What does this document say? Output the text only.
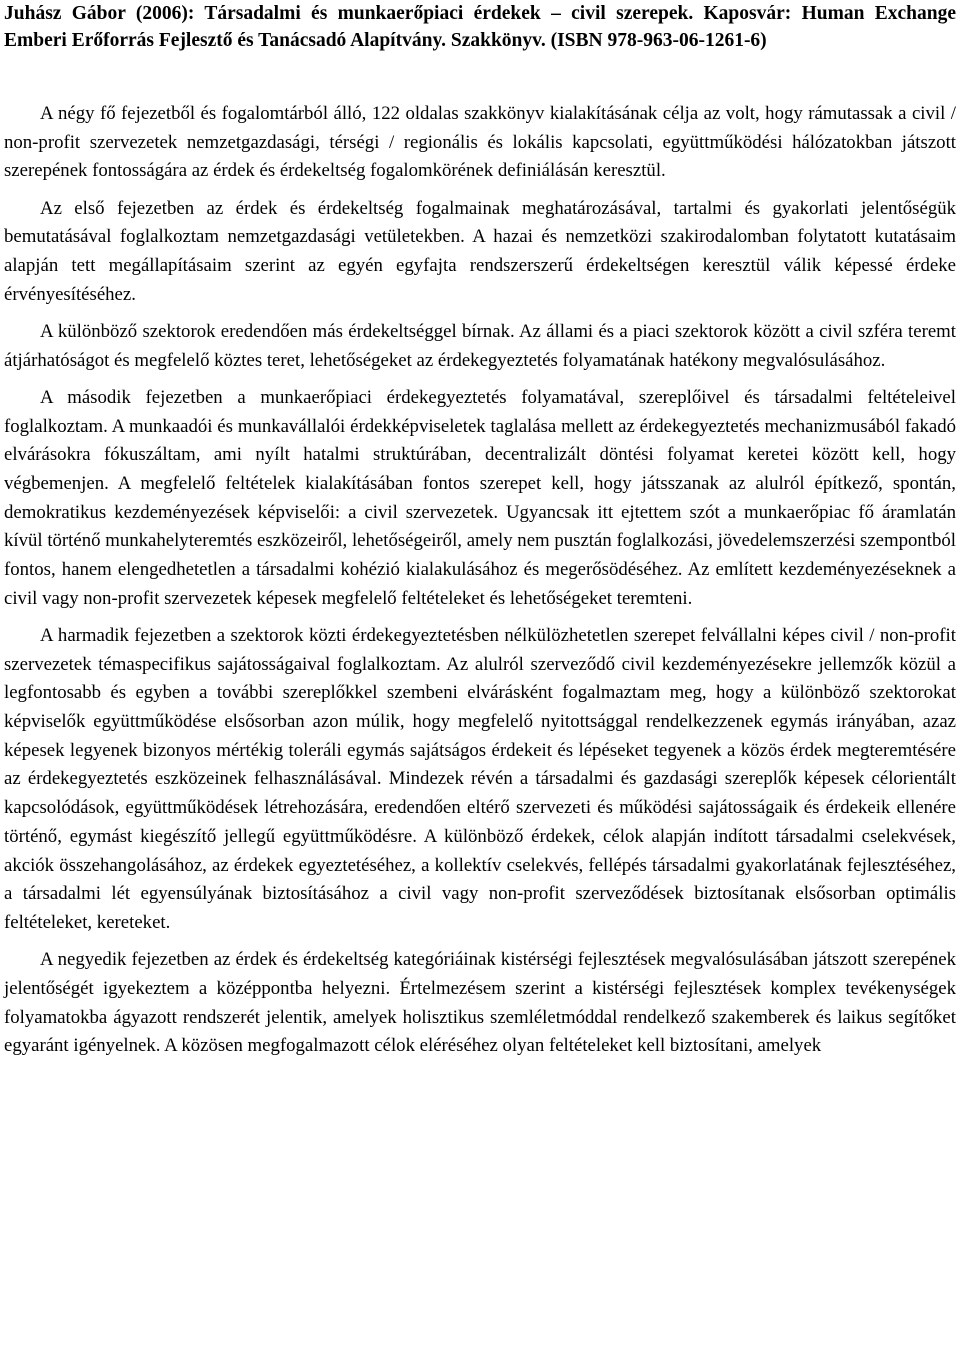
Juhász Gábor (2006): Társadalmi és munkaerőpiaci érdekek – civil szerepek. Kaposvár: Human Exchange Emberi Erőforrás Fejlesztő és Tanácsadó Alapítvány. Szakkönyv. (ISBN 978-963-06-1261-6)

A négy fő fejezetből és fogalomtárból álló, 122 oldalas szakkönyv kialakításának célja az volt, hogy rámutassak a civil / non-profit szervezetek nemzetgazdasági, térségi / regionális és lokális kapcsolati, együttműködési hálózatokban játszott szerepének fontosságára az érdek és érdekeltség fogalomkörének definiálásán keresztül.

Az első fejezetben az érdek és érdekeltség fogalmainak meghatározásával, tartalmi és gyakorlati jelentőségük bemutatásával foglalkoztam nemzetgazdasági vetületekben. A hazai és nemzetközi szakirodalomban folytatott kutatásaim alapján tett megállapításaim szerint az egyén egyfajta rendszerszerű érdekeltségen keresztül válik képessé érdeke érvényesítéséhez.

A különböző szektorok eredendően más érdekeltséggel bírnak. Az állami és a piaci szektorok között a civil szféra teremt átjárhatóságot és megfelelő köztes teret, lehetőségeket az érdekegyeztetés folyamatának hatékony megvalósulásához.

A második fejezetben a munkaerőpiaci érdekegyeztetés folyamatával, szereplőivel és társadalmi feltételeivel foglalkoztam. A munkaadói és munkavállalói érdekképviseletek taglalása mellett az érdekegyeztetés mechanizmusából fakadó elvárásokra fókuszáltam, ami nyílt hatalmi struktúrában, decentralizált döntési folyamat keretei között kell, hogy végbemenjen. A megfelelő feltételek kialakításában fontos szerepet kell, hogy játsszanak az alulról építkező, spontán, demokratikus kezdeményezések képviselői: a civil szervezetek. Ugyancsak itt ejtettem szót a munkaerőpiac fő áramlatán kívül történő munkahelyteremtés eszközeiről, lehetőségeiről, amely nem pusztán foglalkozási, jövedelemszerzési szempontból fontos, hanem elengedhetetlen a társadalmi kohézió kialakulásához és megerősödéséhez. Az említett kezdeményezéseknek a civil vagy non-profit szervezetek képesek megfelelő feltételeket és lehetőségeket teremteni.

A harmadik fejezetben a szektorok közti érdekegyeztetésben nélkülözhetetlen szerepet felvállalni képes civil / non-profit szervezetek témaspecifikus sajátosságaival foglalkoztam. Az alulról szerveződő civil kezdeményezésekre jellemzők közül a legfontosabb és egyben a további szereplőkkel szembeni elvárásként fogalmaztam meg, hogy a különböző szektorokat képviselők együttműködése elsősorban azon múlik, hogy megfelelő nyitottsággal rendelkezzenek egymás irányában, azaz képesek legyenek bizonyos mértékig toleráli egymás sajátságos érdekeit és lépéseket tegyenek a közös érdek megteremtésére az érdekegyeztetés eszközeinek felhasználásával. Mindezek révén a társadalmi és gazdasági szereplők képesek célorientált kapcsolódások, együttműködések létrehozására, eredendően eltérő szervezeti és működési sajátosságaik és érdekeik ellenére történő, egymást kiegészítő jellegű együttműködésre. A különböző érdekek, célok alapján indított társadalmi cselekvések, akciók összehangolásához, az érdekek egyeztetéséhez, a kollektív cselekvés, fellépés társadalmi gyakorlatának fejlesztéséhez, a társadalmi lét egyensúlyának biztosításához a civil vagy non-profit szerveződések biztosítanak elsősorban optimális feltételeket, kereteket.

A negyedik fejezetben az érdek és érdekeltség kategóriáinak kistérségi fejlesztések megvalósulásában játszott szerepének jelentőségét igyekeztem a középpontba helyezni. Értelmezésem szerint a kistérségi fejlesztések komplex tevékenységek folyamatokba ágyazott rendszerét jelentik, amelyek holisztikus szemléletmóddal rendelkező szakemberek és laikus segítőket egyaránt igényelnek. A közösen megfogalmazott célok eléréséhez olyan feltételeket kell biztosítani, amelyek
